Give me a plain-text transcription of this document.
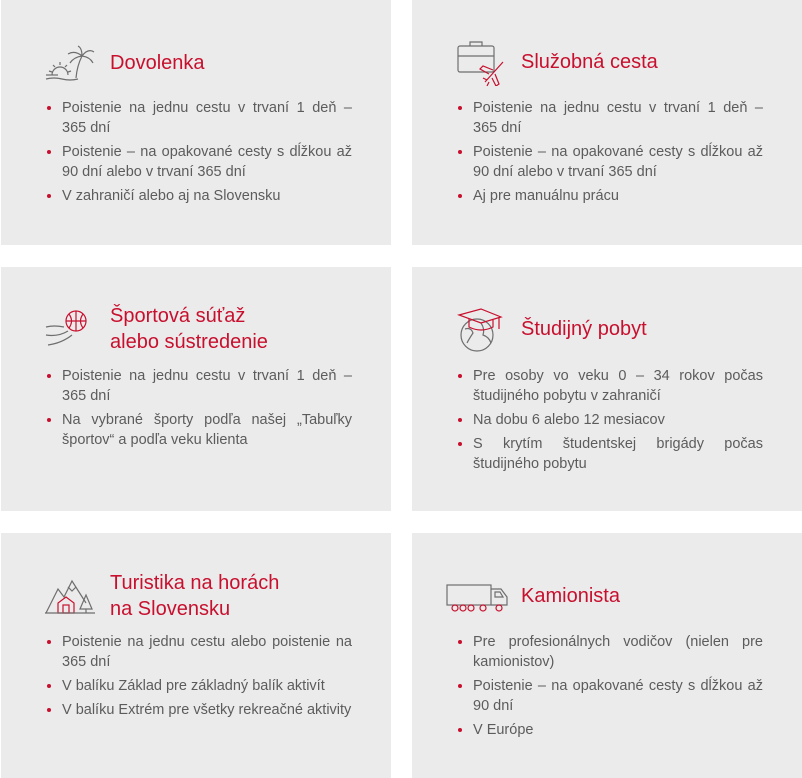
Dovolenka
Poistenie na jednu cestu v trvaní 1 deň – 365 dní
Poistenie – na opakované cesty s dĺžkou až 90 dní alebo v trvaní 365 dní
V zahraničí alebo aj na Slovensku
Služobná cesta
Poistenie na jednu cestu v trvaní 1 deň – 365 dní
Poistenie – na opakované cesty s dĺžkou až 90 dní alebo v trvaní 365 dní
Aj pre manuálnu prácu
Športová súťaž
alebo sústredenie
Poistenie na jednu cestu v trvaní 1 deň – 365 dní
Na vybrané športy podľa našej „Tabuľky športov“ a podľa veku klienta
Študijný pobyt
Pre osoby vo veku 0 – 34 rokov počas študijného pobytu v zahraničí
Na dobu 6 alebo 12 mesiacov
S krytím študentskej brigády počas študijného pobytu
Turistika na horách
na Slovensku
Poistenie na jednu cestu alebo poistenie na 365 dní
V balíku Základ pre základný balík aktivít
V balíku Extrém pre všetky rekreačné aktivity
Kamionista
Pre profesionálnych vodičov (nielen pre kamionistov)
Poistenie – na opakované cesty s dĺžkou až 90 dní
V Európe
